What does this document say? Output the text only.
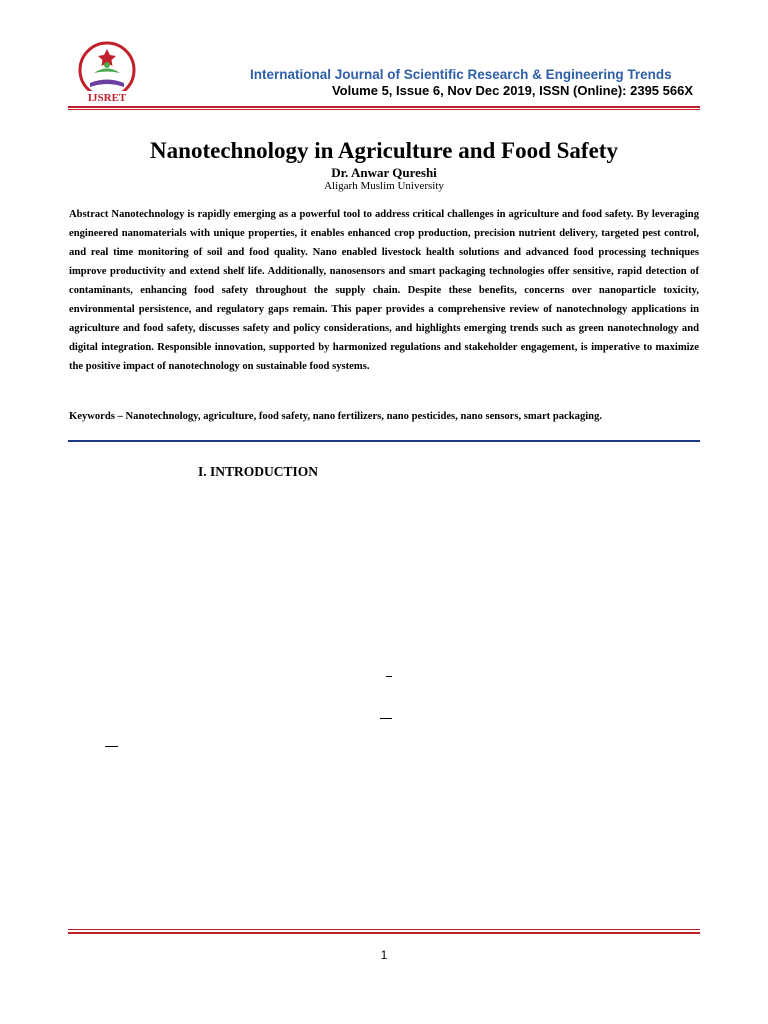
IJSRET
International Journal of Scientific Research & Engineering Trends
Volume 5, Issue 6, Nov Dec 2019, ISSN (Online): 2395 566X
Nanotechnology in Agriculture and Food Safety
Dr. Anwar Qureshi
Aligarh Muslim University

Abstract Nanotechnology is rapidly emerging as a powerful tool to address critical challenges in agriculture and food safety. By leveraging engineered nanomaterials with unique properties, it enables enhanced crop production, precision nutrient delivery, targeted pest control, and real time monitoring of soil and food quality. Nano enabled livestock health solutions and advanced food processing techniques improve productivity and extend shelf life. Additionally, nanosensors and smart packaging technologies offer sensitive, rapid detection of contaminants, enhancing food safety throughout the supply chain. Despite these benefits, concerns over nanoparticle toxicity, environmental persistence, and regulatory gaps remain. This paper provides a comprehensive review of nanotechnology applications in agriculture and food safety, discusses safety and policy considerations, and highlights emerging trends such as green nanotechnology and digital integration. Responsible innovation, supported by harmonized regulations and stakeholder engagement, is imperative to maximize the positive impact of nanotechnology on sustainable food systems.

Keywords – Nanotechnology, agriculture, food safety, nano fertilizers, nano pesticides, nano sensors, smart packaging.
I. INTRODUCTION
1
